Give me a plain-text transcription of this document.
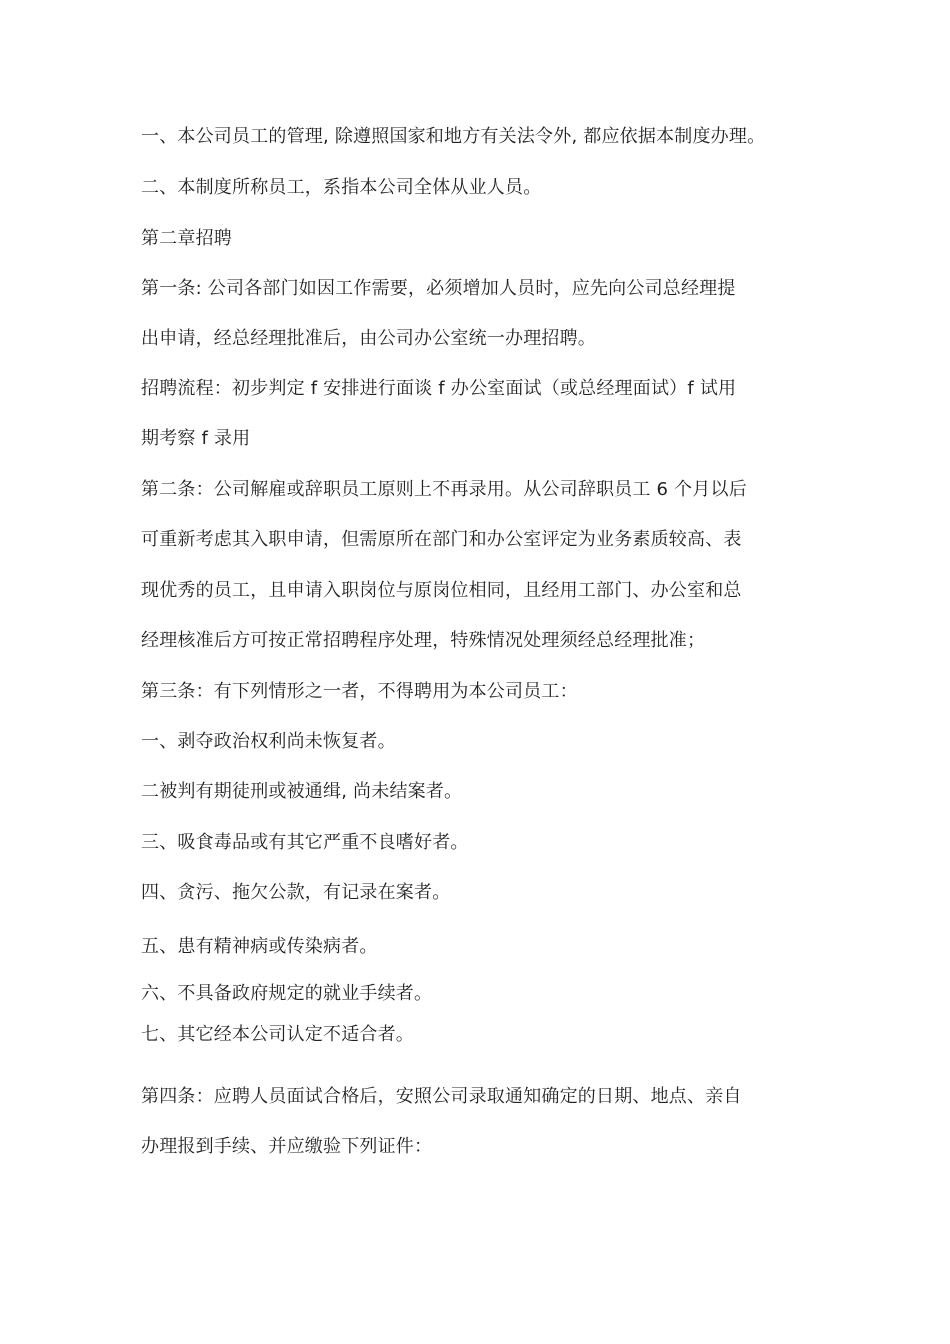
一、本公司员工的管理, 除遵照国家和地方有关法令外, 都应依据本制度办理。
二、本制度所称员工，系指本公司全体从业人员。
第二章招聘
第一条: 公司各部门如因工作需要，必须增加人员时，应先向公司总经理提
出申请，经总经理批准后，由公司办公室统一办理招聘。
招聘流程：初步判定 f 安排进行面谈 f 办公室面试（或总经理面试）f 试用
期考察 f 录用
第二条：公司解雇或辞职员工原则上不再录用。从公司辞职员工 6 个月以后
可重新考虑其入职申请，但需原所在部门和办公室评定为业务素质较高、表
现优秀的员工，且申请入职岗位与原岗位相同，且经用工部门、办公室和总
经理核准后方可按正常招聘程序处理，特殊情况处理须经总经理批准；
第三条：有下列情形之一者，不得聘用为本公司员工：
一、剥夺政治权利尚未恢复者。
二被判有期徒刑或被通缉, 尚未结案者。
三、吸食毒品或有其它严重不良嗜好者。
四、贪污、拖欠公款，有记录在案者。
五、患有精神病或传染病者。
六、不具备政府规定的就业手续者。
七、其它经本公司认定不适合者。
第四条：应聘人员面试合格后，安照公司录取通知确定的日期、地点、亲自
办理报到手续、并应缴验下列证件：
